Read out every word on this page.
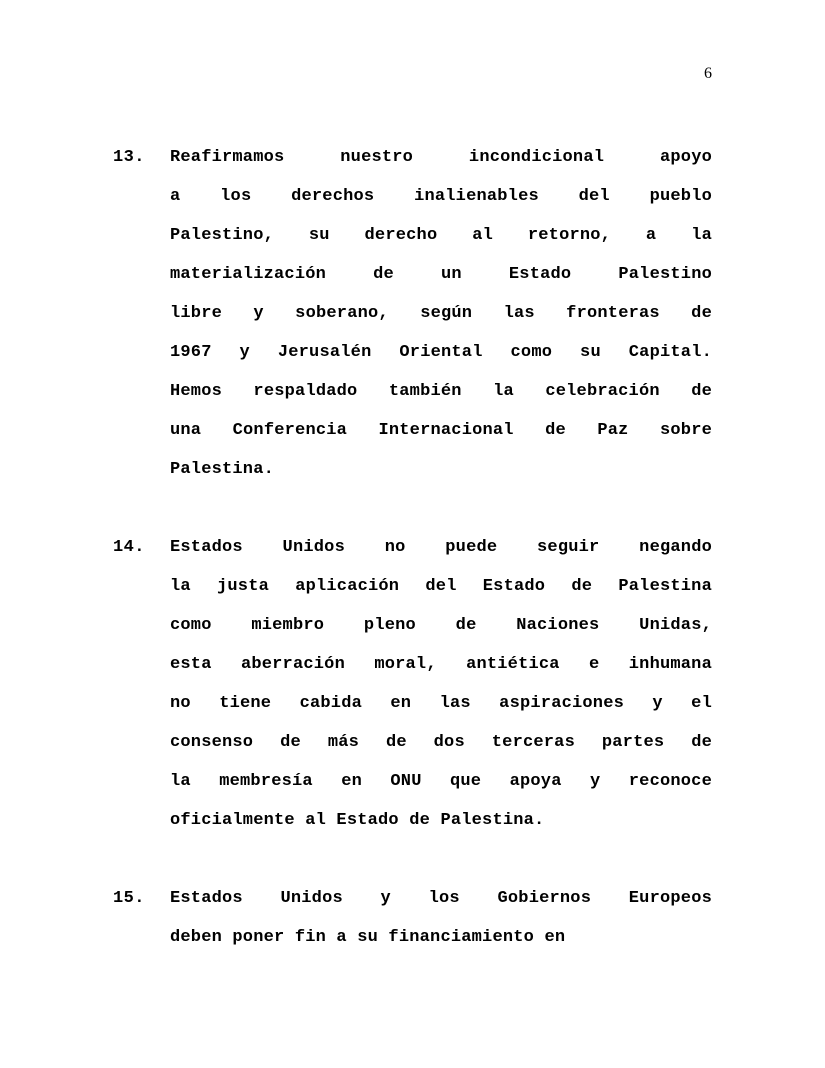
6
13.	Reafirmamos nuestro incondicional apoyo
a los derechos inalienables del pueblo
Palestino, su derecho al retorno, a la
materialización de un Estado Palestino
libre y soberano, según las fronteras de
1967 y Jerusalén Oriental como su Capital.
Hemos respaldado también la celebración de
una Conferencia Internacional de Paz sobre
Palestina.
14.	Estados Unidos no puede seguir negando
la justa aplicación del Estado de Palestina
como miembro pleno de Naciones Unidas,
esta aberración moral, antiética e inhumana
no tiene cabida en las aspiraciones y el
consenso de más de dos terceras partes de
la membresía en ONU que apoya y reconoce
oficialmente al Estado de Palestina.
15.	Estados Unidos y los Gobiernos Europeos
deben poner fin a su financiamiento en
